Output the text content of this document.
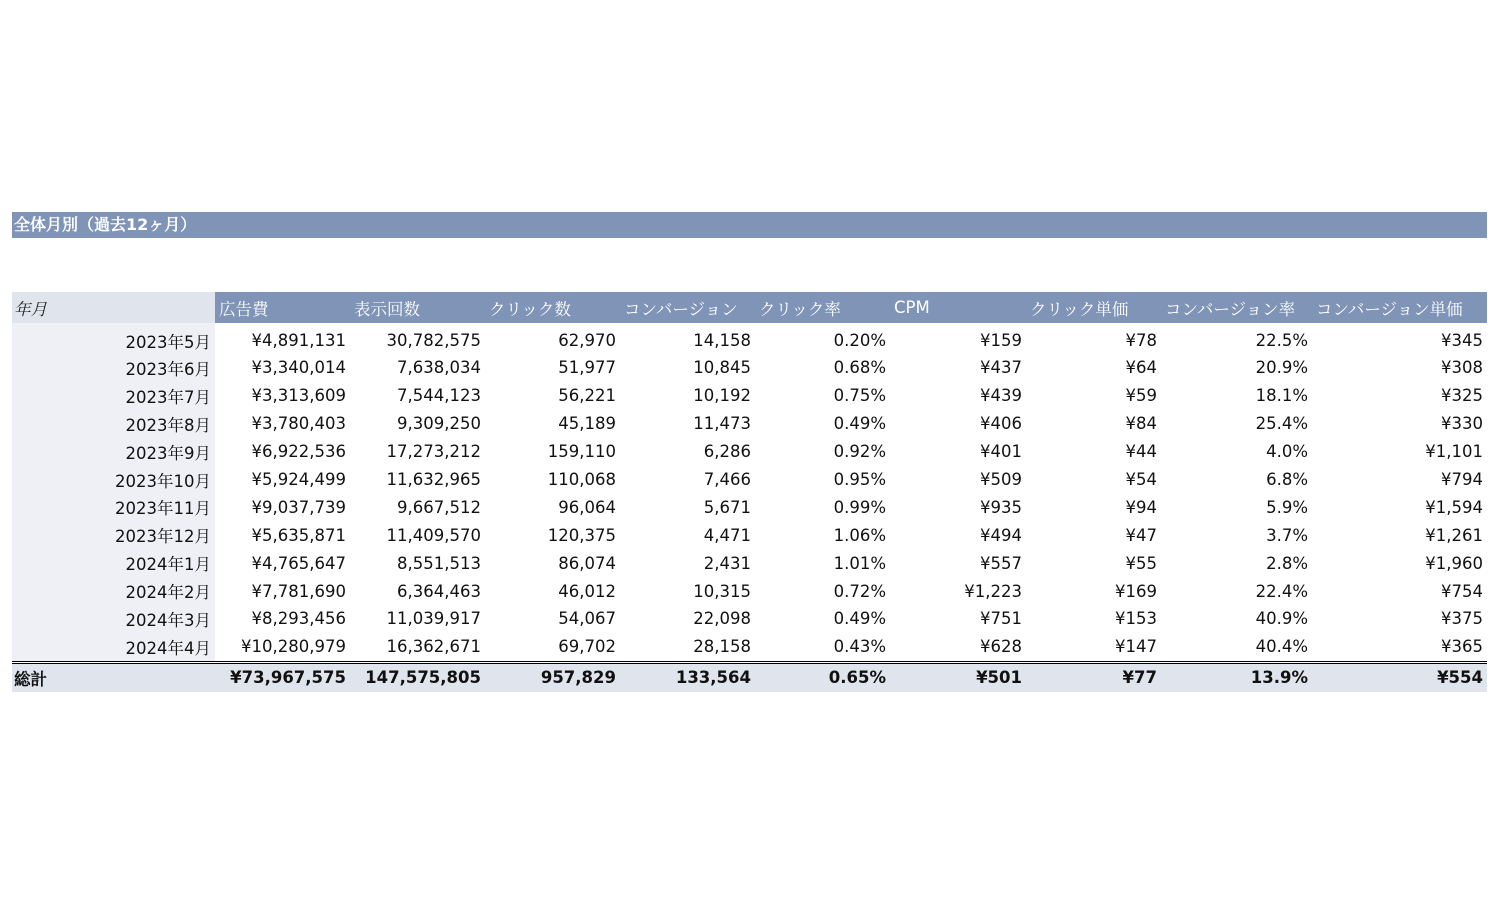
全体月別（過去12ヶ月）
年月	広告費	表示回数	クリック数	コンバージョン	クリック率	CPM	クリック単価	コンバージョン率	コンバージョン単価
2023年5月	¥4,891,131	30,782,575	62,970	14,158	0.20%	¥159	¥78	22.5%	¥345
2023年6月	¥3,340,014	7,638,034	51,977	10,845	0.68%	¥437	¥64	20.9%	¥308
2023年7月	¥3,313,609	7,544,123	56,221	10,192	0.75%	¥439	¥59	18.1%	¥325
2023年8月	¥3,780,403	9,309,250	45,189	11,473	0.49%	¥406	¥84	25.4%	¥330
2023年9月	¥6,922,536	17,273,212	159,110	6,286	0.92%	¥401	¥44	4.0%	¥1,101
2023年10月	¥5,924,499	11,632,965	110,068	7,466	0.95%	¥509	¥54	6.8%	¥794
2023年11月	¥9,037,739	9,667,512	96,064	5,671	0.99%	¥935	¥94	5.9%	¥1,594
2023年12月	¥5,635,871	11,409,570	120,375	4,471	1.06%	¥494	¥47	3.7%	¥1,261
2024年1月	¥4,765,647	8,551,513	86,074	2,431	1.01%	¥557	¥55	2.8%	¥1,960
2024年2月	¥7,781,690	6,364,463	46,012	10,315	0.72%	¥1,223	¥169	22.4%	¥754
2024年3月	¥8,293,456	11,039,917	54,067	22,098	0.49%	¥751	¥153	40.9%	¥375
2024年4月	¥10,280,979	16,362,671	69,702	28,158	0.43%	¥628	¥147	40.4%	¥365
総計	¥73,967,575	147,575,805	957,829	133,564	0.65%	¥501	¥77	13.9%	¥554
